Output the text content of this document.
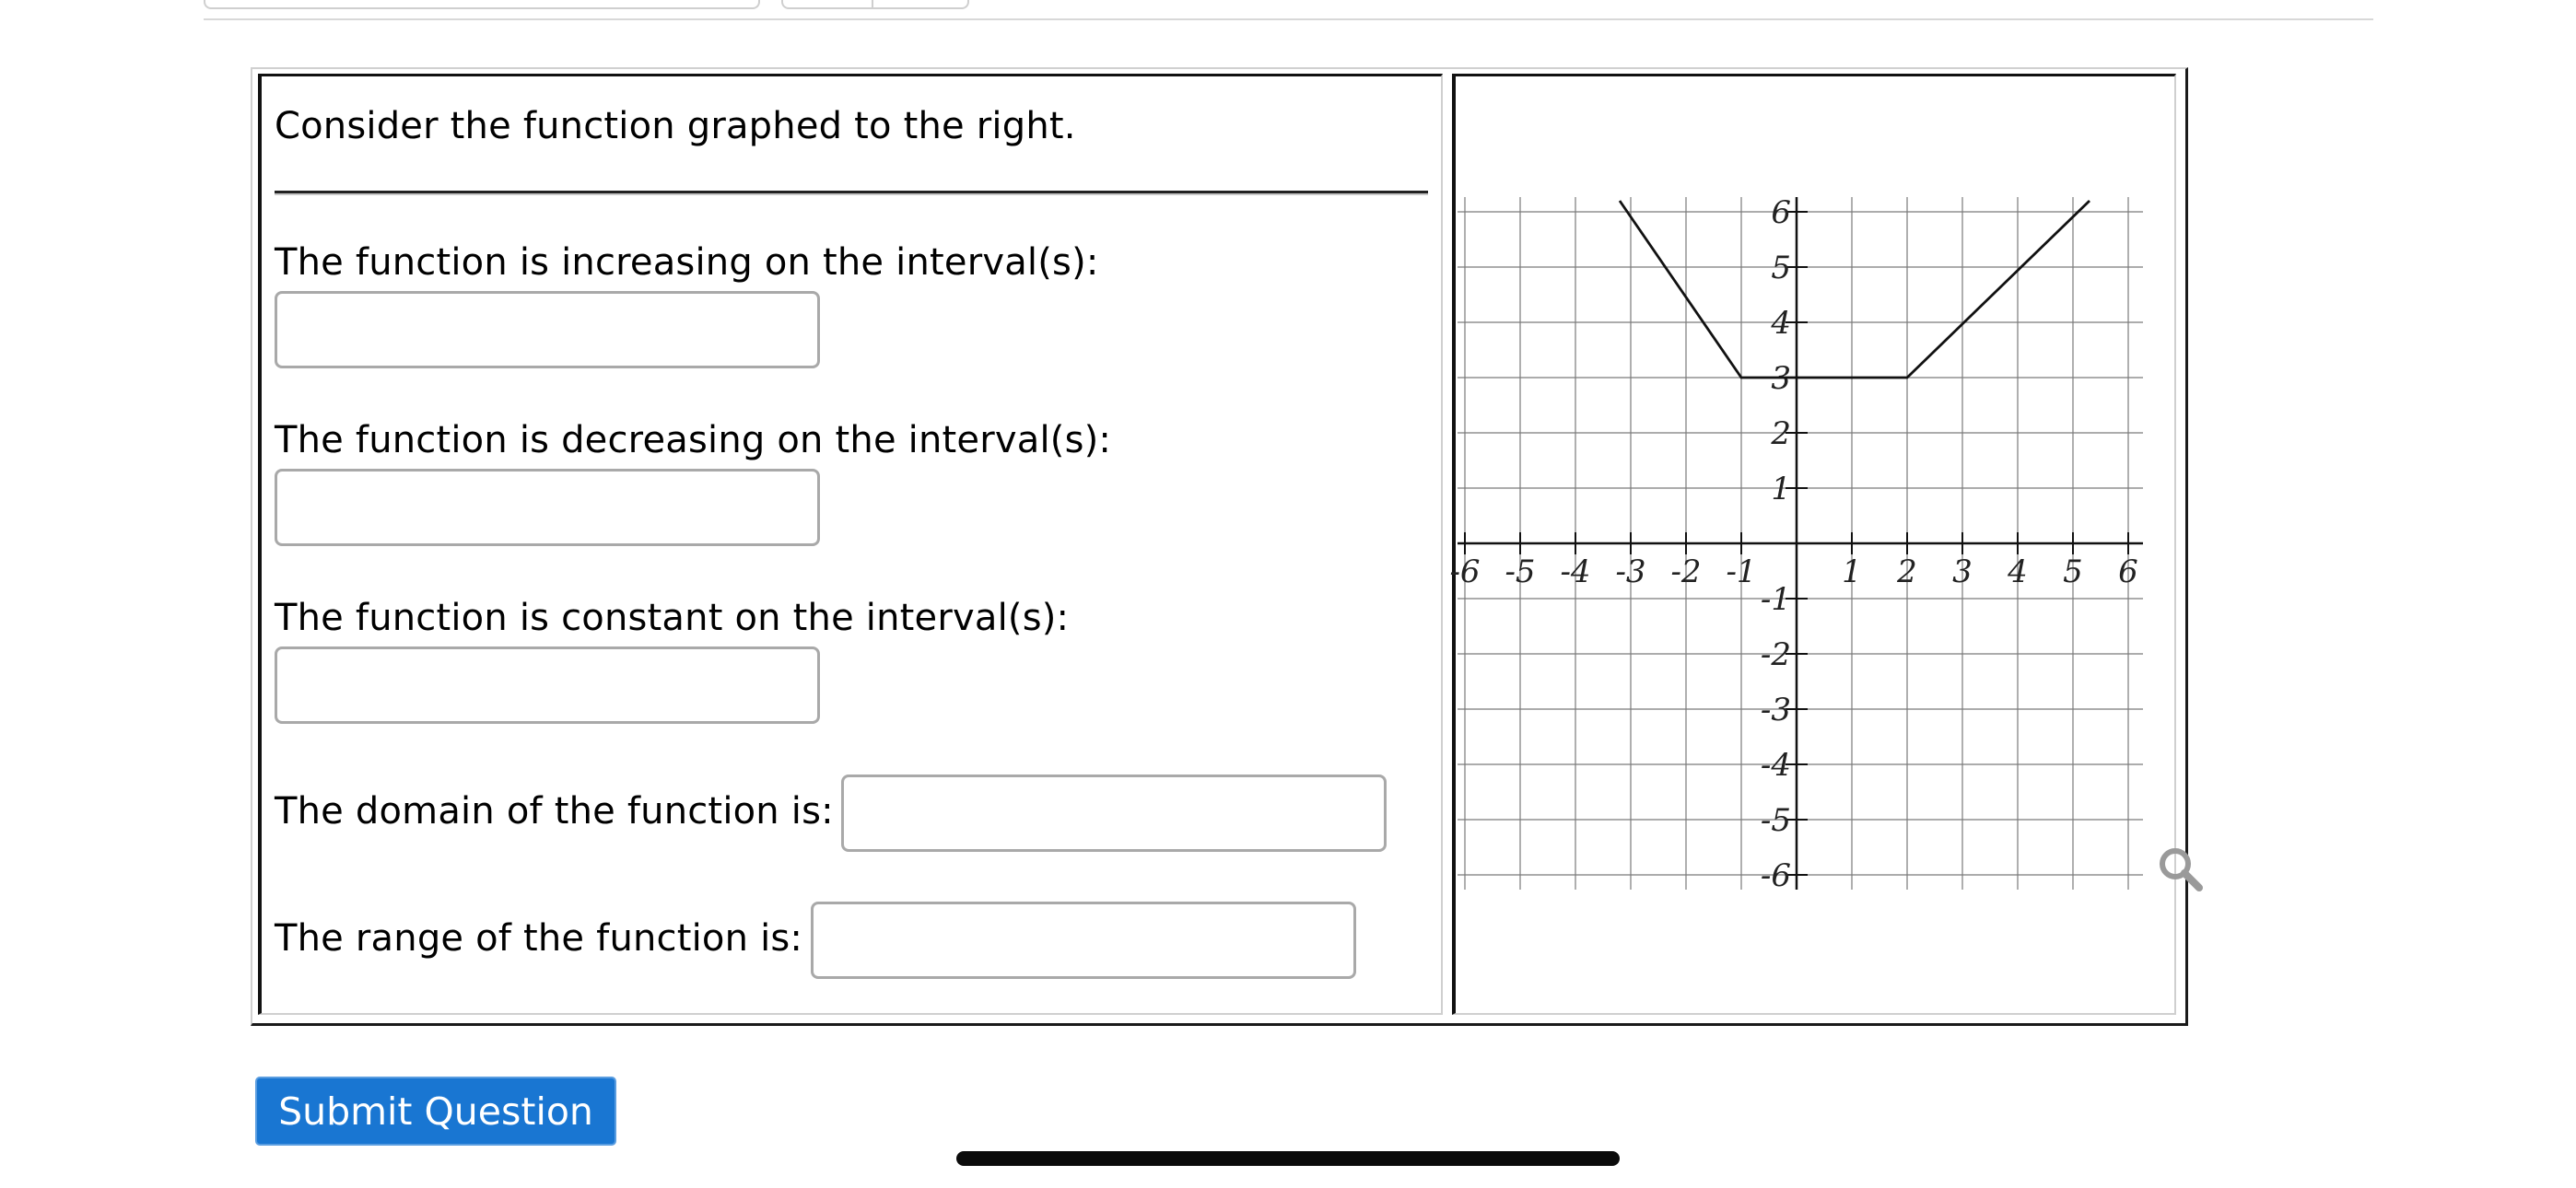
Consider the function graphed to the right.
The function is increasing on the interval(s):
The function is decreasing on the interval(s):
The function is constant on the interval(s):
The domain of the function is:
The range of the function is:
-6 -5 -4 -3 -2 -1	1 2 3 4 5 6
6
5
4
3
2
1
-1
-2
-3
-4
-5
-6
Submit Question
